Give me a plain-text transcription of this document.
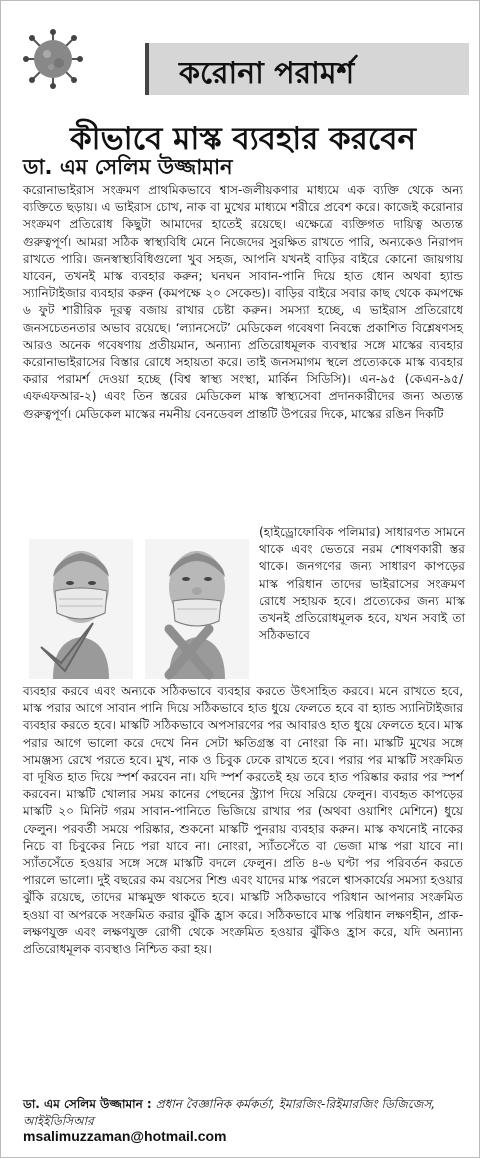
করোনা পরামর্শ
কীভাবে মাস্ক ব্যবহার করবেন
ডা. এম সেলিম উজ্জামান
করোনাভাইরাস সংক্রমণ প্রাথমিকভাবে শ্বাস-জলীয়কণার মাধ্যমে এক ব্যক্তি থেকে অন্য ব্যক্তিতে ছড়ায়। এ ভাইরাস চোখ, নাক বা মুখের মাধ্যমে শরীরে প্রবেশ করে। কাজেই করোনার সংক্রমণ প্রতিরোধ কিছুটা আমাদের হাতেই রয়েছে। এক্ষেত্রে ব্যক্তিগত দায়িত্ব অত্যন্ত গুরুত্বপূর্ণ। আমরা সঠিক স্বাস্থ্যবিধি মেনে নিজেদের সুরক্ষিত রাখতে পারি, অন্যকেও নিরাপদ রাখতে পারি। জনস্বাস্থ্যবিধিগুলো খুব সহজ, আপনি যখনই বাড়ির বাইরে কোনো জায়গায় যাবেন, তখনই মাস্ক ব্যবহার করুন; ঘনঘন সাবান-পানি দিয়ে হাত ধোন অথবা হ্যান্ড স্যানিটাইজার ব্যবহার করুন (কমপক্ষে ২০ সেকেন্ড)। বাড়ির বাইরে সবার কাছ থেকে কমপক্ষে ৬ ফুট শারীরিক দূরত্ব বজায় রাখার চেষ্টা করুন। সমস্যা হচ্ছে, এ ভাইরাস প্রতিরোধে জনসচেতনতার অভাব রয়েছে। ‘ল্যানসেটে’ মেডিকেল গবেষণা নিবন্ধে প্রকাশিত বিশ্লেষণসহ আরও অনেক গবেষণায় প্রতীয়মান, অন্যান্য প্রতিরোধমূলক ব্যবস্থার সঙ্গে মাস্কের ব্যবহার করোনাভাইরাসের বিস্তার রোধে সহায়তা করে। তাই জনসমাগম স্থলে প্রত্যেককে মাস্ক ব্যবহার করার পরামর্শ দেওয়া হচ্ছে (বিশ্ব স্বাস্থ্য সংস্থা, মার্কিন সিডিসি)। এন-৯৫ (কেএন-৯৫/এফএফআর-২) এবং তিন স্তরের মেডিকেল মাস্ক স্বাস্থ্যসেবা প্রদানকারীদের জন্য অত্যন্ত গুরুত্বপূর্ণ। মেডিকেল মাস্কের নমনীয় বেনডেবল প্রান্তটি উপরের দিকে, মাস্কের রঙিন দিকটি
(হাইড্রোফোবিক পলিমার) সাধারণত সামনে থাকে এবং ভেতরে নরম শোষণকারী স্তর থাকে। জনগণের জন্য সাধারণ কাপড়ের মাস্ক পরিধান তাদের ভাইরাসের সংক্রমণ রোধে সহায়ক হবে। প্রত্যেকের জন্য মাস্ক তখনই প্রতিরোধমূলক হবে, যখন সবাই তা সঠিকভাবে
ব্যবহার করবে এবং অন্যকে সঠিকভাবে ব্যবহার করতে উৎসাহিত করবে। মনে রাখতে হবে, মাস্ক পরার আগে সাবান পানি দিয়ে সঠিকভাবে হাত ধুয়ে ফেলতে হবে বা হ্যান্ড স্যানিটাইজার ব্যবহার করতে হবে। মাস্কটি সঠিকভাবে অপসারণের পর আবারও হাত ধুয়ে ফেলতে হবে। মাস্ক পরার আগে ভালো করে দেখে নিন সেটা ক্ষতিগ্রস্ত বা নোংরা কি না। মাস্কটি মুখের সঙ্গে সামঞ্জস্য রেখে পরতে হবে। মুখ, নাক ও চিবুক ঢেকে রাখতে হবে। পরার পর মাস্কটি সংক্রমিত বা দূষিত হাত দিয়ে স্পর্শ করবেন না। যদি স্পর্শ করতেই হয় তবে হাত পরিষ্কার করার পর স্পর্শ করবেন। মাস্কটি খোলার সময় কানের পেছনের স্ট্র্যাপ দিয়ে সরিয়ে ফেলুন। ব্যবহৃত কাপড়ের মাস্কটি ২০ মিনিট গরম সাবান-পানিতে ভিজিয়ে রাখার পর (অথবা ওয়াশিং মেশিনে) ধুয়ে ফেলুন। পরবর্তী সময়ে পরিষ্কার, শুকনো মাস্কটি পুনরায় ব্যবহার করুন। মাস্ক কখনোই নাকের নিচে বা চিবুকের নিচে পরা যাবে না। নোংরা, স্যাঁতসেঁতে বা ভেজা মাস্ক পরা যাবে না। স্যাঁতসেঁতে হওয়ার সঙ্গে সঙ্গে মাস্কটি বদলে ফেলুন। প্রতি ৪-৬ ঘণ্টা পর পরিবর্তন করতে পারলে ভালো। দুই বছরের কম বয়সের শিশু এবং যাদের মাস্ক পরলে শ্বাসকার্যের সমস্যা হওয়ার ঝুঁকি রয়েছে, তাদের মাস্কমুক্ত থাকতে হবে। মাস্কটি সঠিকভাবে পরিধান আপনার সংক্রমিত হওয়া বা অপরকে সংক্রমিত করার ঝুঁকি হ্রাস করে। সঠিকভাবে মাস্ক পরিধান লক্ষণহীন, প্রাক-লক্ষণযুক্ত এবং লক্ষণযুক্ত রোগী থেকে সংক্রমিত হওয়ার ঝুঁকিও হ্রাস করে, যদি অন্যান্য প্রতিরোধমূলক ব্যবস্থাও নিশ্চিত করা হয়।
ডা. এম সেলিম উজ্জামান : প্রধান বৈজ্ঞানিক কর্মকর্তা, ইমারজিং-রিইমারজিং ডিজিজেস, আইইডিসিআর
msalimuzzaman@hotmail.com
